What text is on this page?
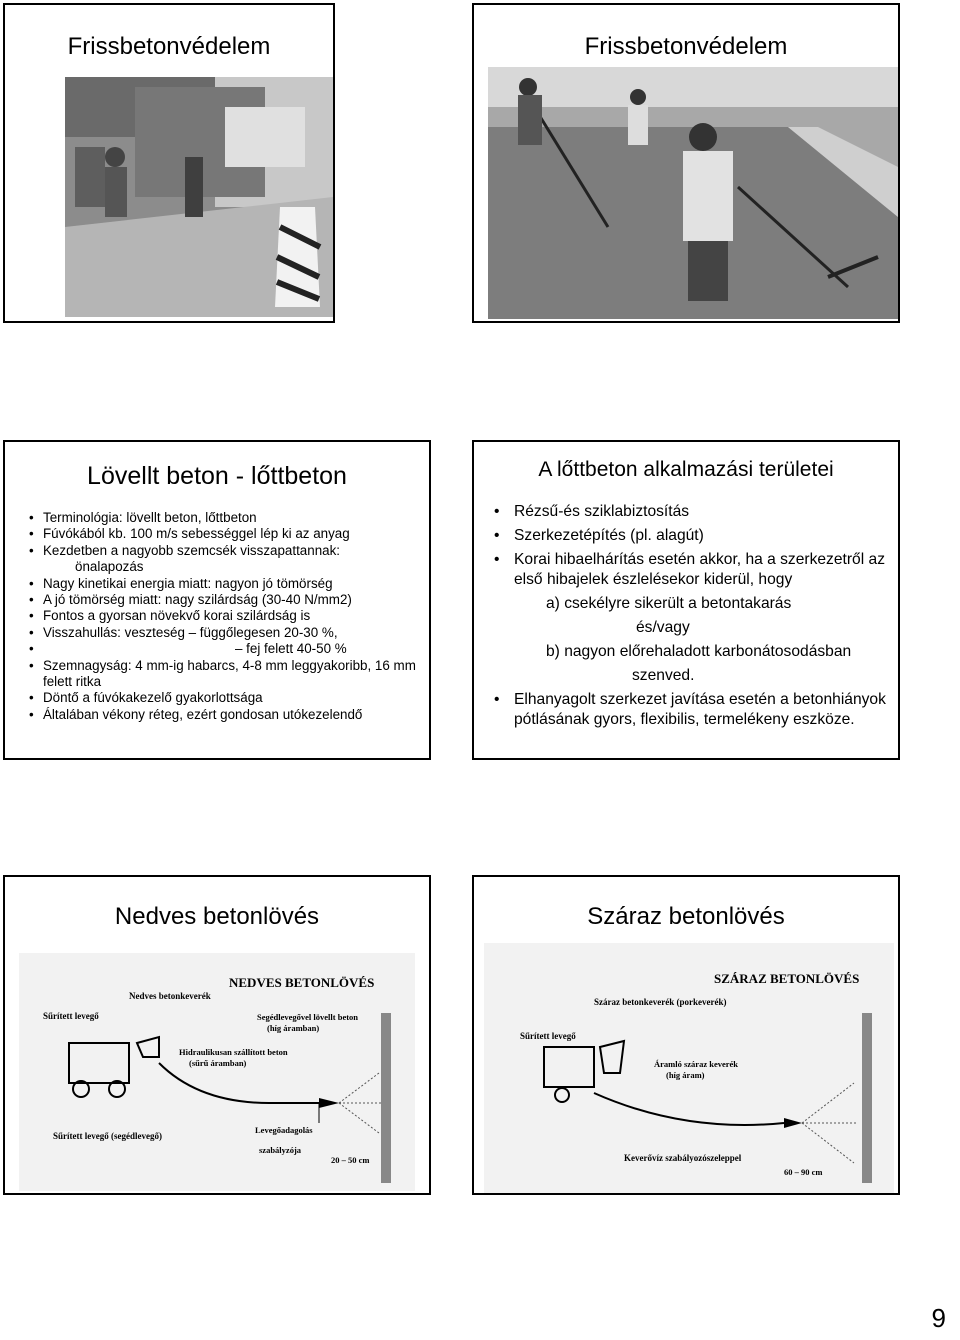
Frissbetonvédelem	Frissbetonvédelem
Lövellt beton - lőttbeton
• Terminológia: lövellt beton, lőttbeton
• Fúvókából kb. 100 m/s sebességgel lép ki az anyag
• Kezdetben a nagyobb szemcsék visszapattannak:
önalapozás
• Nagy kinetikai energia miatt: nagyon jó tömörség
• A jó tömörség miatt: nagy szilárdság (30-40 N/mm2)
• Fontos a gyorsan növekvő korai szilárdság is
• Visszahullás: veszteség – függőlegesen 20-30 %,
• – fej felett 40-50 %
• Szemnagyság: 4 mm-ig habarcs, 4-8 mm leggyakoribb, 16 mm felett ritka
• Döntő a fúvókakezelő gyakorlottsága
• Általában vékony réteg, ezért gondosan utókezelendő
A lőttbeton alkalmazási területei
• Rézsű-és sziklabiztosítás
• Szerkezetépítés (pl. alagút)
• Korai hibaelhárítás esetén akkor, ha a szerkezetről az első hibajelek észlelésekor kiderül, hogy
a) csekélyre sikerült a betontakarás
és/vagy
b) nagyon előrehaladott karbonátosodásban
szenved.
• Elhanyagolt szerkezet javítása esetén a betonhiányok pótlásának gyors, flexibilis, termelékeny eszköze.
Nedves betonlövés
NEDVES BETONLÖVÉS
Nedves betonkeverék
Sűrített levegő	Segédlevegővel lövellt beton
(híg áramban)
Hidraulikusan szállított beton
(sűrű áramban)
Sűrített levegő (segédlevegő)
Levegőadagolás
szabályzója
20 – 50 cm
Száraz betonlövés
SZÁRAZ BETONLÖVÉS
Száraz betonkeverék (porkeverék)
Sűrített levegő
Áramló száraz keverék
(híg áram)
Keverővíz szabályozószeleppel
60 – 90 cm
9
